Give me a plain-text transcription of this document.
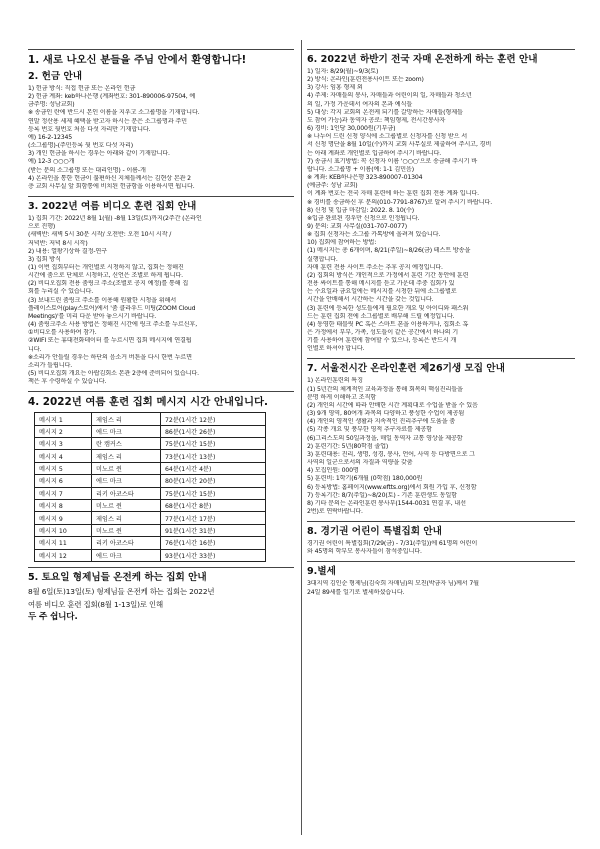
1. 새로 나오신 분들을 주님 안에서 환영합니다!
2. 헌금 안내
1) 헌금 방식: 직접 헌금 또는 온라인 헌금
2) 헌금 계좌: keb하나은행 (계좌번호: 301-890006-97504, 예
금주명: 성남교회)
※ 송금인 란에 반드시 본인 이름을 지우고 소그룹명을 기재합니다.
연말 정산용 세제 혜택을 받고자 하시는 분은 소그룹명과 주민
등록 번호 뒷번호 처음 다섯 자리만 기재합니다.
예) 16-2-12345
(소그룹명)-(주민등록 뒷 번호 다섯 자리)
3) 개인 헌금을 하시는 경우는 아래와 같이 기재합니다.
예) 12-3 ○○○개
(받는 분의 소그룹명 또는 대리인명) - 이름-개
4) 온라인을 통한 헌금이 불편하신 지체들께서는 김현상 본관 2
층 교회 사무실 앞 회함통에 비치된 헌금함을 이용하시면 됩니다.
3. 2022년 여름 비디오 훈련 집회 안내
1) 집회 기간: 2022년 8월 1(월) -8월 13일(토)까지(2주간 (온라인
으로 진행)
(새벽반: 새벽 5시 30분 시작/ 오전반: 오전 10시 시작 /
저녁반: 저녁 8시 시작)
2) 내용: 열왕기상하 결정-연구
3) 집회 방식
(1) 이번 집회부터는 개인별로 시청하지 않고, 집회는 정해진
시간에 줌으로 단체로 시청하고, 신언은 조별로 하게 됩니다.
(2) 비디오집회 전용 줌링크 주소(조별로 공지 예정)를 통해 집
회를 누리실 수 있습니다.
(3) 보내드린 줌링크 주소를 이용해 원활한 시청을 위해서
플레이스토어(play스토어)에서 '줌 클라우드 미팅(ZOOM Cloud
Meetings)'를 미리 다운 받아 놓으시기 바랍니다.
(4) 줌링크주소 사용 방법은 정해진 시간에 링크 주소를 누르신후,
①비디오를 사용하여 참가.
②WIFI 또는 휴대전화데이터 를 누르시면 집회 메시지에 연결됩
니다.
※소리가 안들릴 경우는 하단의 음소거 버튼을 다시 한번 누르면
소리가 들립니다.
(5) 비디오집회 개요는 아랍김회소 본관 2층에 준비되어 있습니다.
책은 후 수령하실 수 있습니다.
4. 2022년 여름 훈련 집회 메시지 시간 안내입니다.
메시지 1	제임스 리	72분(1시간 12분)
메시지 2	에드 마크	86분(1시간 26분)
메시지 3	란 캠커스	75분(1시간 15분)
메시지 4	제임스 리	73분(1시간 13분)
메시지 5	미노르 쥔	64분(1시간 4분)
메시지 6	에드 마크	80분(1시간 20분)
메시지 7	리키 아코스타	75분(1시간 15분)
메시지 8	미노르 쥔	68분(1시간 8분)
메시지 9	제임스 리	77분(1시간 17분)
메시지 10	미노르 쥔	91분(1시간 31분)
메시지 11	리키 아코스타	76분(1시간 16분)
메시지 12	에드 마크	93분(1시간 33분)
5. 토요일 형제님들 온전케 하는 집회 안내
8월 6일(토)13일(토) 형제님들 온전케 하는 집회는 2022년
여름 비디오 훈련 집회(8월 1-13일)로 인해
두 주 쉽니다.
6. 2022년 하반기 전국 자매 온전하게 하는 훈련 안내
1) 일자: 8/29(월)~9/3(토)
2) 방식: 온라인(훈련전용사이트 또는 zoom)
3) 강사: 임홍 형제 외
4) 주제: 자매들의 봉사, 자매들과 어린이의 일, 자매들과 청소년
의 일, 가정 가운데서 여자의 본과 예식들
5) 대상: 각지 교회의 온전케 되기를 갈망하는 자매들(형제들
도 참여 가능)과 동역자 공로: 책임형제, 전시간봉사자
6) 경비: 1인당 30,000원(기부금)
※ 나누어 드린 신청 양식에 소그룹별로 신청자를 신청 받으 서
서 신청 명단을 8월 10일(수)까지 교회 사무실로 제출하여 주시고, 경비
는 아래 계좌로 개인별로 입금하여 주시기 바랍니다.
7) 송금시 표기방법: 꼭 신청자 이름 '○○○'으로 송금해 주시기 바
랍니다. 소그룹명 + 이름(예: 1-1 김민음)
※ 계좌: KEB하나은행 323-890007-01304
(예금주: 성남 교회)
이 계좌 번호는 전국 자매 훈련에 하는 훈련 집회 전용 계좌 입니다.
※ 경비를 송금하신 후 문의(010-7791-8767)로 알려 주시기 바랍니다.
8) 신청 및 입금 마감일: 2022. 8. 10(수)
※입금 완료된 경우만 신청으로 인정됩니다.
9) 문의: 교회 사무실(031-707-0077)
※ 집회 신청자는 소그룹 카톡방에 올려져 있습니다.
10) 집회에 참여하는 방법:
(1) 메시지는 총 6개이며, 8/21(주일)~8/26(금) 테스트 방송을
실행합니다.
자매 훈련 전용 사이트 주소는 추후 공지 예정입니다.
(2) 집회의 방식은 개인적으로 가정에서 훈련 기간 동안에 훈련
전용 싸이트를 통해 메시지를 듣고 가운데 주중 집회가 있
는 수요일과 금요일에는 메시지를 시청한 뒤에 소그룹별로
시간을 안배해서 시간하는 시간을 갖는 것입니다.
(3) 훈련에 등록한 성도들에게 필요한 개요 및 아이디와 패스워
드는 훈련 집회 전에 소그룹별로 배부해 드릴 예정입니다.
(4) 동영한 태블릿 PC 혹은 스마트 폰을 이용하거나, 집회소 혹
은 가정에서 부부, 가족, 성도들이 같은 공간에서 하나의 기
기를 사용하여 훈련에 참여할 수 있으나, 등록은 반드시 개
인별로 하셔야 합니다.
7. 서울전시간 온라인훈련 제26기생 모집 안내
1) 온라인훈련의 특징
(1) 5년간의 체계적인 교육과정을 통해 회복의 핵심진리들을
분명 하게 이해하고 조직함
(2) 개인의 시간에 따라 안배한 시간 계획대로 수업을 받을 수 있음
(3) 9개 영역, 80여개 과목의 다양하고 풍성한 수업이 제공됨
(4) 개인의 영적인 생활과 지속적인 진리추구에 도움을 줌
(5) 각종 개요 및 풍부한 영적 추구자료를 제공함
(6)그리스도의 50일과정을, 매일 동역자 교통 영상을 제공함
2) 훈련기간: 5년(80학점 졸업)
3) 훈련대용: 진리, 생명, 성경, 봉사, 언어, 사역 등 다방면으로 그
사역의 일군으로서의 자질과 역량을 갖춤
4) 모집인원: 000명
5) 훈련비: 1학기(6개월 (0학점) 180,000원
6) 등록방법: 홈페이지(www.eftts.org)에서 회원 가입 후, 신청함
7) 등록기간: 8/7(주일)~8/20(토) - 기존 훈련생도 동일함
8) 기타 문의는 온라인훈련 봉사부(1544-0031 연결 후, 내선
2번)로 연락바랍니다.
8. 경기권 어린이 특별집회 안내
경기권 어린이 특별집회(7/29(금) - 7/31(주일))에 61명의 어린이
와 45명의 학부모 봉사자들이 참석중입니다.
9.별세
3대지역 김인순 형제님(김숙희 자매님)의 모친(박금자 님)께서 7월
24일 89세를 일기로 별세하셨습니다.
